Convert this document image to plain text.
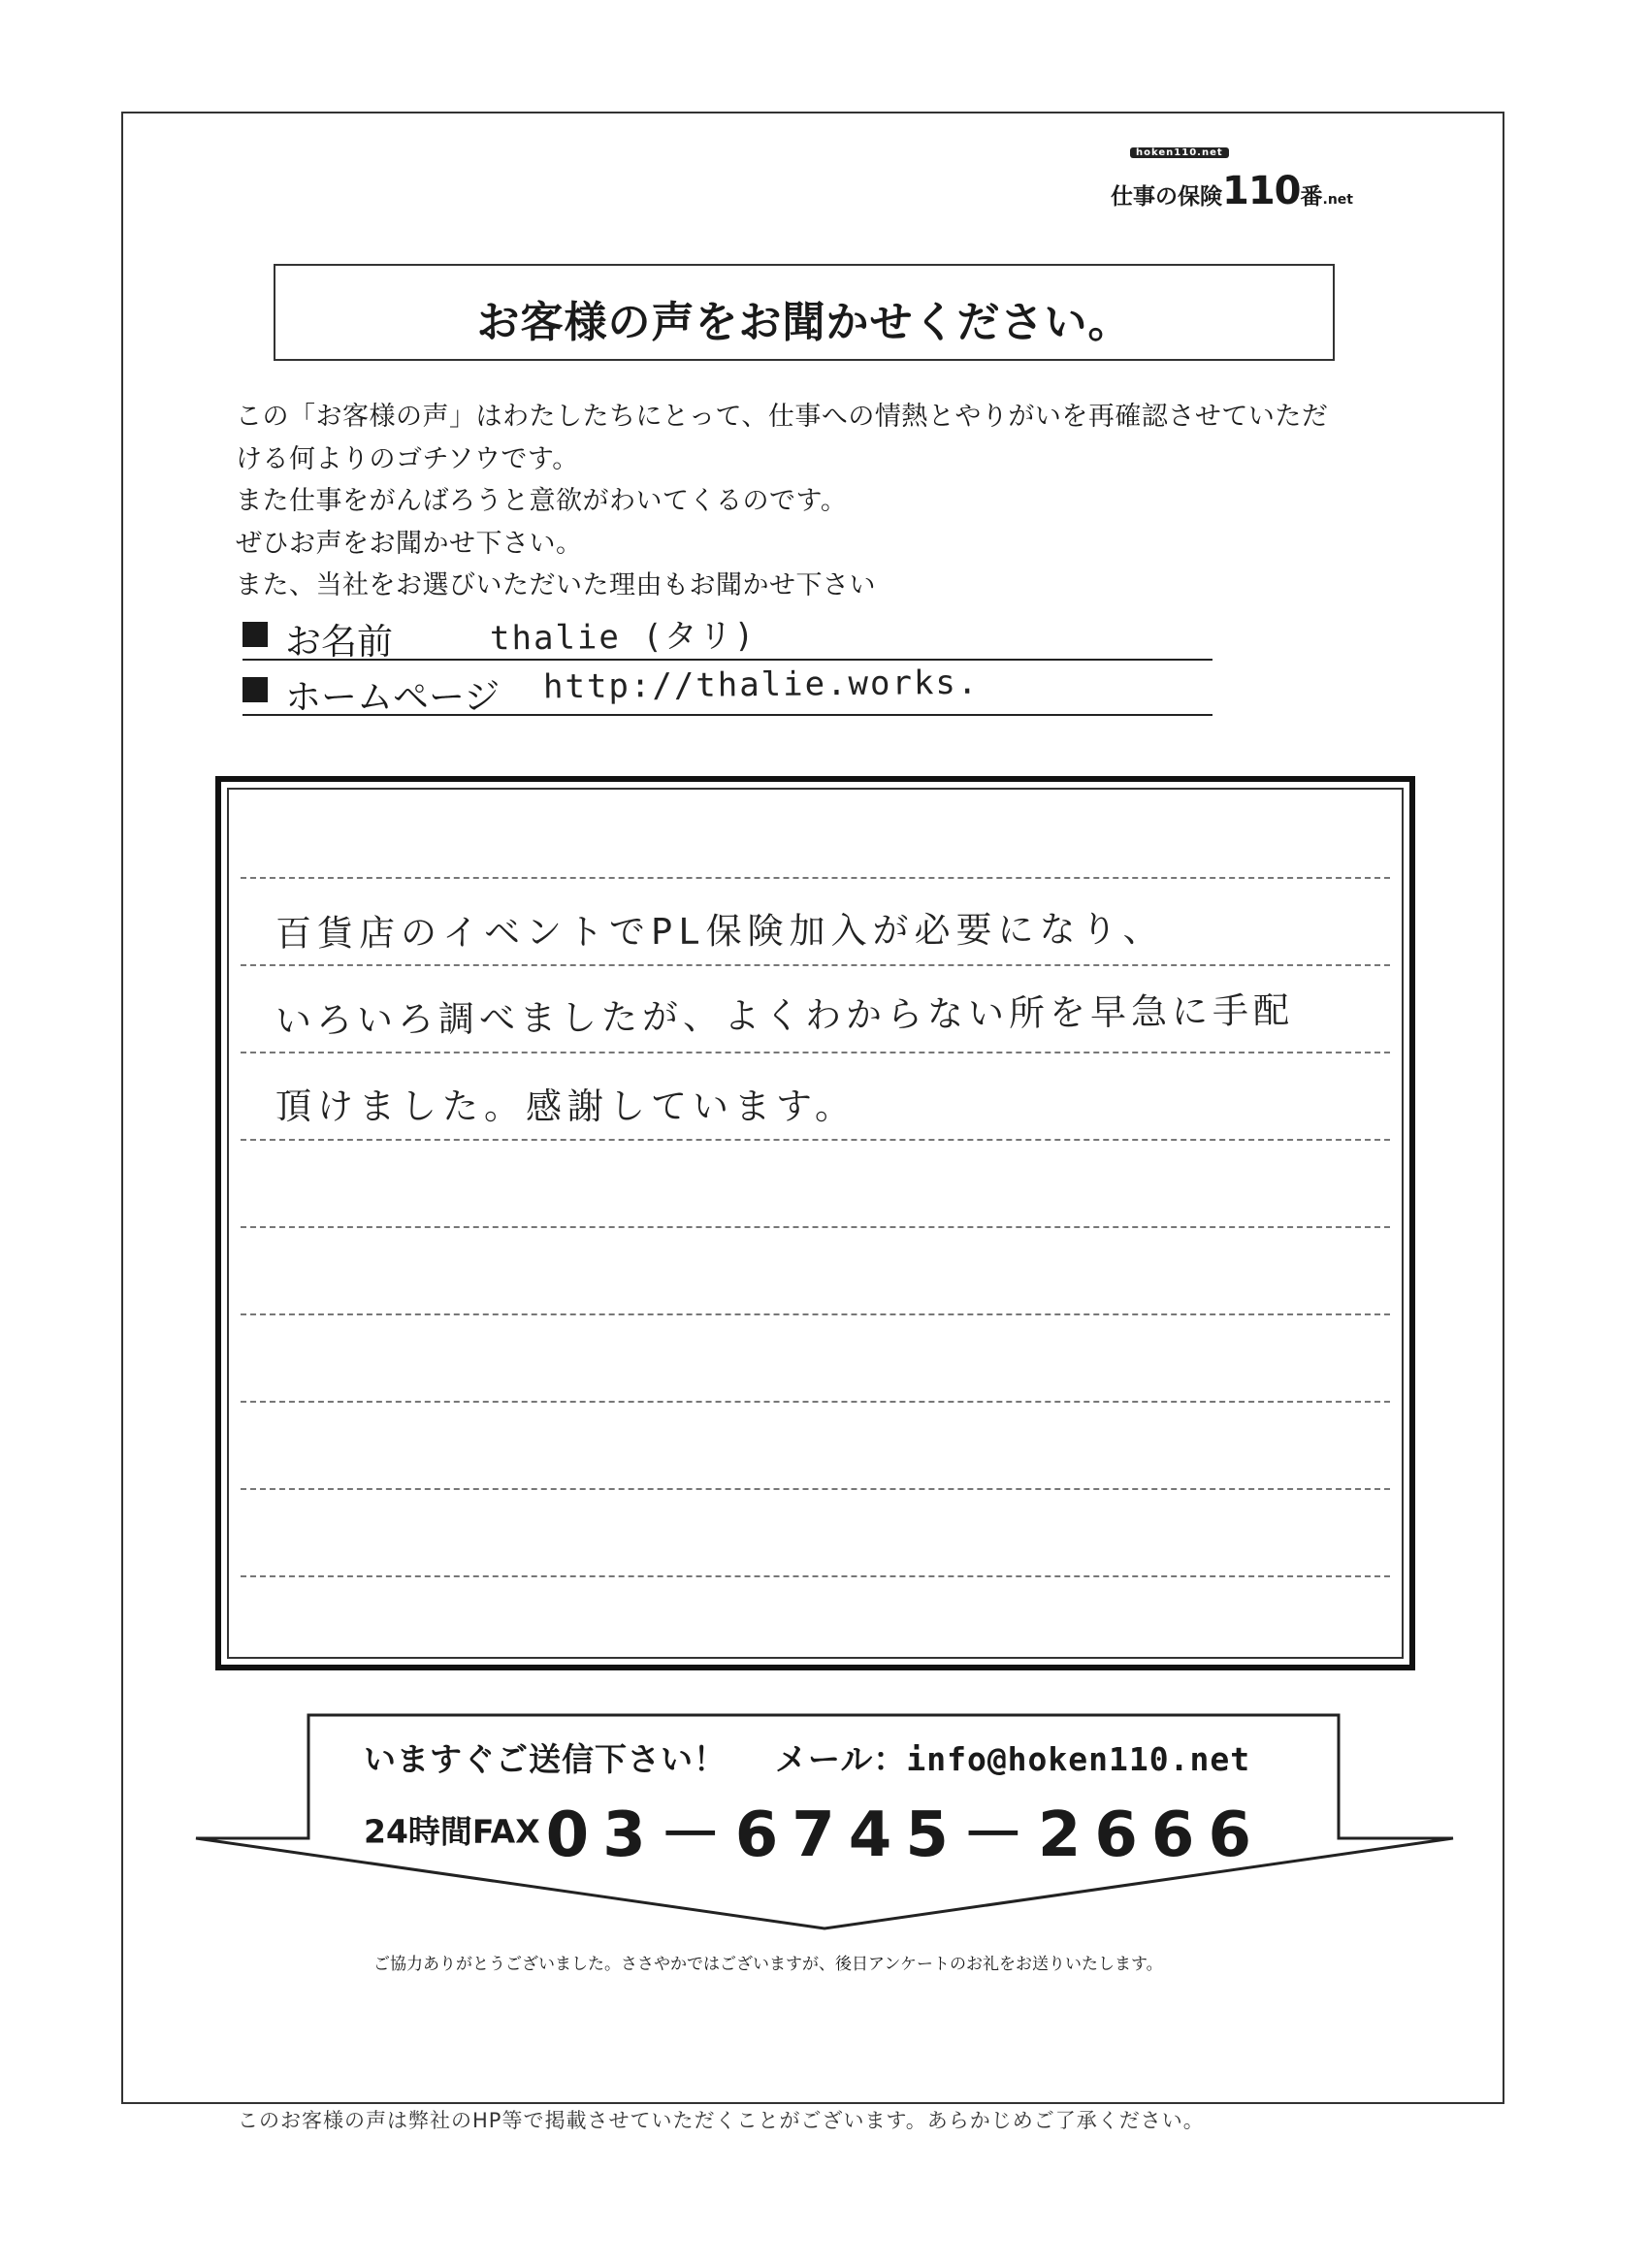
hoken110.net
仕事の保険110番.net
お客様の声をお聞かせください。

この「お客様の声」はわたしたちにとって、仕事への情熱とやりがいを再確認させていただ

ける何よりのゴチソウです。

また仕事をがんばろうと意欲がわいてくるのです。

ぜひお声をお聞かせ下さい。

また、当社をお選びいただいた理由もお聞かせ下さい

お名前	thalie (タリ)
ホームページ http://thalie.works.
百貨店のイベントでPL保険加入が必要になり、
いろいろ調べましたが、よくわからない所を早急に手配
頂けました。感謝しています。
いますぐご送信下さい！ メール：info@hoken110.net
24時間FAX03－6745－2666
ご協力ありがとうございました。ささやかではございますが、後日アンケートのお礼をお送りいたします。
このお客様の声は弊社のHP等で掲載させていただくことがございます。あらかじめご了承ください。
